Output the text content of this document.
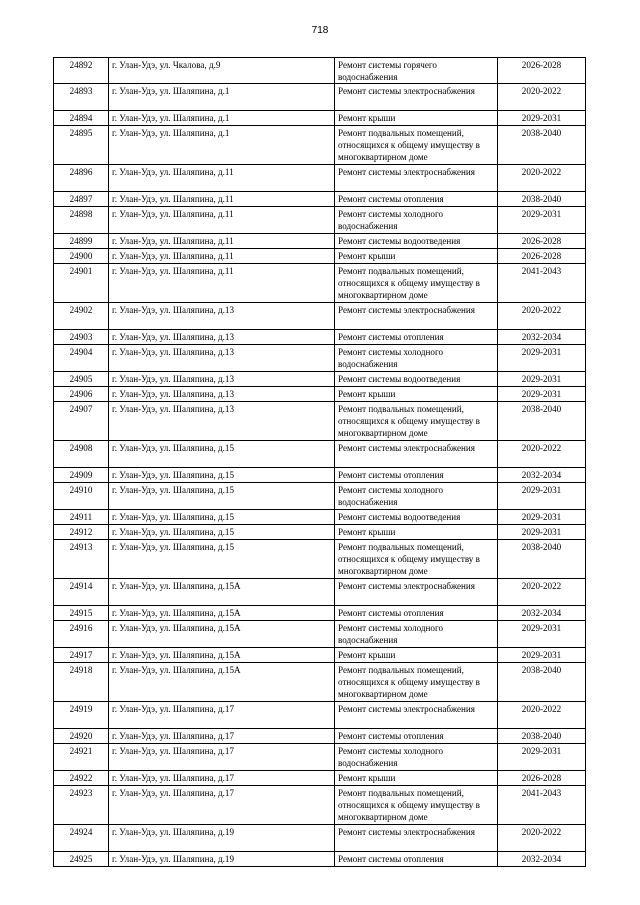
718
24892	г. Улан-Удэ, ул. Чкалова, д.9	Ремонт системы горячего водоснабжения	2026-2028
24893	г. Улан-Удэ, ул. Шаляпина, д.1	Ремонт системы электроснабжения	2020-2022
24894	г. Улан-Удэ, ул. Шаляпина, д.1	Ремонт крыши	2029-2031
24895	г. Улан-Удэ, ул. Шаляпина, д.1	Ремонт подвальных помещений, относящихся к общему имуществу в многоквартирном доме	2038-2040
24896	г. Улан-Удэ, ул. Шаляпина, д.11	Ремонт системы электроснабжения	2020-2022
24897	г. Улан-Удэ, ул. Шаляпина, д.11	Ремонт системы отопления	2038-2040
24898	г. Улан-Удэ, ул. Шаляпина, д.11	Ремонт системы холодного водоснабжения	2029-2031
24899	г. Улан-Удэ, ул. Шаляпина, д.11	Ремонт системы водоотведения	2026-2028
24900	г. Улан-Удэ, ул. Шаляпина, д.11	Ремонт крыши	2026-2028
24901	г. Улан-Удэ, ул. Шаляпина, д.11	Ремонт подвальных помещений, относящихся к общему имуществу в многоквартирном доме	2041-2043
24902	г. Улан-Удэ, ул. Шаляпина, д.13	Ремонт системы электроснабжения	2020-2022
24903	г. Улан-Удэ, ул. Шаляпина, д.13	Ремонт системы отопления	2032-2034
24904	г. Улан-Удэ, ул. Шаляпина, д.13	Ремонт системы холодного водоснабжения	2029-2031
24905	г. Улан-Удэ, ул. Шаляпина, д.13	Ремонт системы водоотведения	2029-2031
24906	г. Улан-Удэ, ул. Шаляпина, д.13	Ремонт крыши	2029-2031
24907	г. Улан-Удэ, ул. Шаляпина, д.13	Ремонт подвальных помещений, относящихся к общему имуществу в многоквартирном доме	2038-2040
24908	г. Улан-Удэ, ул. Шаляпина, д.15	Ремонт системы электроснабжения	2020-2022
24909	г. Улан-Удэ, ул. Шаляпина, д.15	Ремонт системы отопления	2032-2034
24910	г. Улан-Удэ, ул. Шаляпина, д.15	Ремонт системы холодного водоснабжения	2029-2031
24911	г. Улан-Удэ, ул. Шаляпина, д.15	Ремонт системы водоотведения	2029-2031
24912	г. Улан-Удэ, ул. Шаляпина, д.15	Ремонт крыши	2029-2031
24913	г. Улан-Удэ, ул. Шаляпина, д.15	Ремонт подвальных помещений, относящихся к общему имуществу в многоквартирном доме	2038-2040
24914	г. Улан-Удэ, ул. Шаляпина, д.15А	Ремонт системы электроснабжения	2020-2022
24915	г. Улан-Удэ, ул. Шаляпина, д.15А	Ремонт системы отопления	2032-2034
24916	г. Улан-Удэ, ул. Шаляпина, д.15А	Ремонт системы холодного водоснабжения	2029-2031
24917	г. Улан-Удэ, ул. Шаляпина, д.15А	Ремонт крыши	2029-2031
24918	г. Улан-Удэ, ул. Шаляпина, д.15А	Ремонт подвальных помещений, относящихся к общему имуществу в многоквартирном доме	2038-2040
24919	г. Улан-Удэ, ул. Шаляпина, д.17	Ремонт системы электроснабжения	2020-2022
24920	г. Улан-Удэ, ул. Шаляпина, д.17	Ремонт системы отопления	2038-2040
24921	г. Улан-Удэ, ул. Шаляпина, д.17	Ремонт системы холодного водоснабжения	2029-2031
24922	г. Улан-Удэ, ул. Шаляпина, д.17	Ремонт крыши	2026-2028
24923	г. Улан-Удэ, ул. Шаляпина, д.17	Ремонт подвальных помещений, относящихся к общему имуществу в многоквартирном доме	2041-2043
24924	г. Улан-Удэ, ул. Шаляпина, д.19	Ремонт системы электроснабжения	2020-2022
24925	г. Улан-Удэ, ул. Шаляпина, д.19	Ремонт системы отопления	2032-2034
